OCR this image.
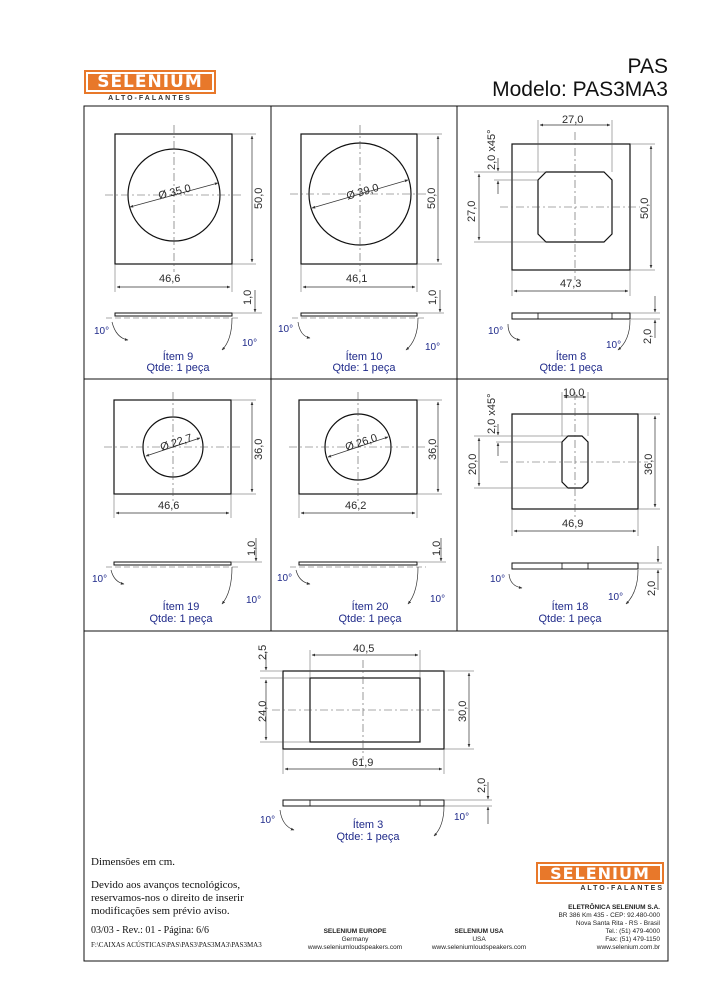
SELENIUM
ALTO-FALANTES
PAS
Modelo: PAS3MA3
Ø 35,0	50,0
46,6
1,0
10°
10°
Ítem 9
Qtde: 1 peça
Ø 39,0	50,0
46,1
1,0
10°
10°
Ítem 10
Qtde: 1 peça
27,0
27,0
2,0 x45°
50,0
47,3
2,0
10°
10°
Ítem 8
Qtde: 1 peça
Ø 22,7	36,0
46,6
1,0
10°
10°
Ítem 19
Qtde: 1 peça
Ø 26,0	36,0
46,2
1,0
10°
10°
Ítem 20
Qtde: 1 peça
10,0
20,0
2,0 x45°
36,0
46,9
2,0
10°
10°
Ítem 18
Qtde: 1 peça
40,5
2,5
24,0	30,0
61,9
2,0
10°	10°
Ítem 3
Qtde: 1 peça
Dimensões em cm.
Devido aos avanços tecnológicos,
reservamos-nos o direito de inserir
modificações sem prévio aviso.
03/03 - Rev.: 01 - Página: 6/6
F:\CAIXAS ACÚSTICAS\PAS\PAS3\PAS3MA3\PAS3MA3
SELENIUM
ALTO-FALANTES
SELENIUM EUROPE
Germany
www.seleniumloudspeakers.com
SELENIUM USA
USA
www.seleniumloudspeakers.com
ELETRÔNICA SELENIUM S.A.
BR 386 Km 435 - CEP: 92.480-000
Nova Santa Rita - RS - Brasil
Tel.: (51) 479-4000
Fax: (51) 479-1150
www.selenium.com.br
